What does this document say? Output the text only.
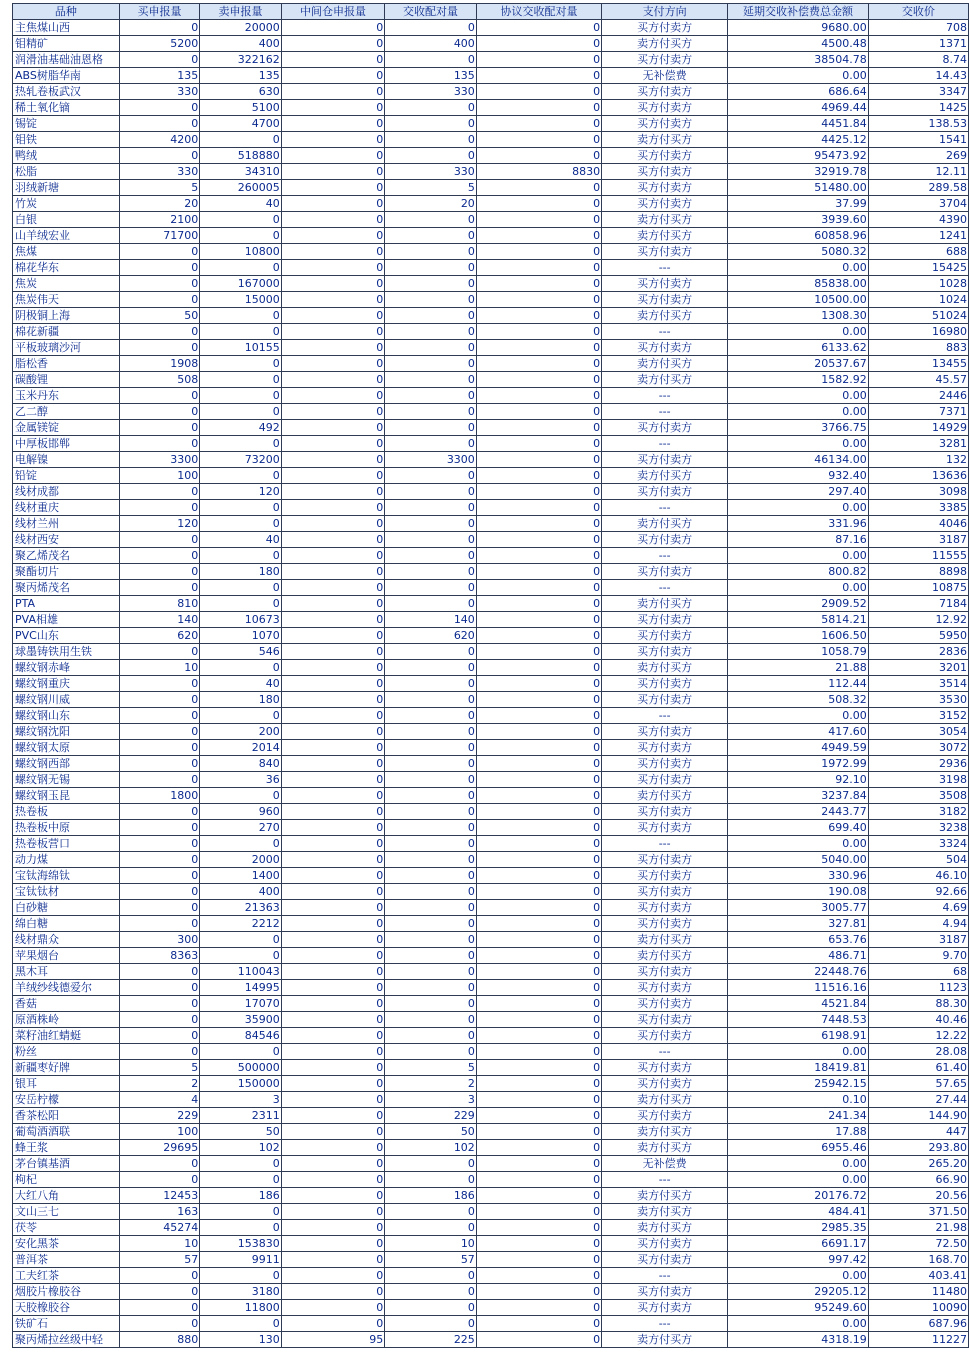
品种	买申报量	卖申报量	中间仓申报量	交收配对量	协议交收配对量	支付方向	延期交收补偿费总金额	交收价
主焦煤山西	0	20000	0	0	0	买方付卖方	9680.00	708
钼精矿	5200	400	0	400	0	卖方付买方	4500.48	1371
润滑油基础油恩格	0	322162	0	0	0	买方付卖方	38504.78	8.74
ABS树脂华南	135	135	0	135	0	无补偿费	0.00	14.43
热轧卷板武汉	330	630	0	330	0	买方付卖方	686.64	3347
稀土氧化镝	0	5100	0	0	0	买方付卖方	4969.44	1425
锡锭	0	4700	0	0	0	买方付卖方	4451.84	138.53
钼铁	4200	0	0	0	0	卖方付买方	4425.12	1541
鸭绒	0	518880	0	0	0	买方付卖方	95473.92	269
松脂	330	34310	0	330	8830	买方付卖方	32919.78	12.11
羽绒新塘	5	260005	0	5	0	买方付卖方	51480.00	289.58
竹炭	20	40	0	20	0	买方付卖方	37.99	3704
白银	2100	0	0	0	0	卖方付买方	3939.60	4390
山羊绒宏业	71700	0	0	0	0	卖方付买方	60858.96	1241
焦煤	0	10800	0	0	0	买方付卖方	5080.32	688
棉花华东	0	0	0	0	0	---	0.00	15425
焦炭	0	167000	0	0	0	买方付卖方	85838.00	1028
焦炭伟天	0	15000	0	0	0	买方付卖方	10500.00	1024
阴极铜上海	50	0	0	0	0	卖方付买方	1308.30	51024
棉花新疆	0	0	0	0	0	---	0.00	16980
平板玻璃沙河	0	10155	0	0	0	买方付卖方	6133.62	883
脂松香	1908	0	0	0	0	卖方付买方	20537.67	13455
碳酸锂	508	0	0	0	0	卖方付买方	1582.92	45.57
玉米丹东	0	0	0	0	0	---	0.00	2446
乙二醇	0	0	0	0	0	---	0.00	7371
金属镁锭	0	492	0	0	0	买方付卖方	3766.75	14929
中厚板邯郸	0	0	0	0	0	---	0.00	3281
电解镍	3300	73200	0	3300	0	买方付卖方	46134.00	132
铅锭	100	0	0	0	0	卖方付买方	932.40	13636
线材成都	0	120	0	0	0	买方付卖方	297.40	3098
线材重庆	0	0	0	0	0	---	0.00	3385
线材兰州	120	0	0	0	0	卖方付买方	331.96	4046
线材西安	0	40	0	0	0	买方付卖方	87.16	3187
聚乙烯茂名	0	0	0	0	0	---	0.00	11555
聚酯切片	0	180	0	0	0	买方付卖方	800.82	8898
聚丙烯茂名	0	0	0	0	0	---	0.00	10875
PTA	810	0	0	0	0	卖方付买方	2909.52	7184
PVA相雄	140	10673	0	140	0	买方付卖方	5814.21	12.92
PVC山东	620	1070	0	620	0	买方付卖方	1606.50	5950
球墨铸铁用生铁	0	546	0	0	0	买方付卖方	1058.79	2836
螺纹钢赤峰	10	0	0	0	0	卖方付买方	21.88	3201
螺纹钢重庆	0	40	0	0	0	买方付卖方	112.44	3514
螺纹钢川威	0	180	0	0	0	买方付卖方	508.32	3530
螺纹钢山东	0	0	0	0	0	---	0.00	3152
螺纹钢沈阳	0	200	0	0	0	买方付卖方	417.60	3054
螺纹钢太原	0	2014	0	0	0	买方付卖方	4949.59	3072
螺纹钢西部	0	840	0	0	0	买方付卖方	1972.99	2936
螺纹钢无锡	0	36	0	0	0	买方付卖方	92.10	3198
螺纹钢玉昆	1800	0	0	0	0	卖方付买方	3237.84	3508
热卷板	0	960	0	0	0	买方付卖方	2443.77	3182
热卷板中原	0	270	0	0	0	买方付卖方	699.40	3238
热卷板营口	0	0	0	0	0	---	0.00	3324
动力煤	0	2000	0	0	0	买方付卖方	5040.00	504
宝钛海绵钛	0	1400	0	0	0	买方付卖方	330.96	46.10
宝钛钛材	0	400	0	0	0	买方付卖方	190.08	92.66
白砂糖	0	21363	0	0	0	买方付卖方	3005.77	4.69
绵白糖	0	2212	0	0	0	买方付卖方	327.81	4.94
线材鼎众	300	0	0	0	0	卖方付买方	653.76	3187
苹果烟台	8363	0	0	0	0	卖方付买方	486.71	9.70
黑木耳	0	110043	0	0	0	买方付卖方	22448.76	68
羊绒纱线德爱尔	0	14995	0	0	0	买方付卖方	11516.16	1123
香菇	0	17070	0	0	0	买方付卖方	4521.84	88.30
原酒株岭	0	35900	0	0	0	买方付卖方	7448.53	40.46
菜籽油红蜻蜓	0	84546	0	0	0	买方付卖方	6198.91	12.22
粉丝	0	0	0	0	0	---	0.00	28.08
新疆枣好牌	5	500000	0	5	0	买方付卖方	18419.81	61.40
银耳	2	150000	0	2	0	买方付卖方	25942.15	57.65
安岳柠檬	4	3	0	3	0	卖方付买方	0.10	27.44
香茶松阳	229	2311	0	229	0	买方付卖方	241.34	144.90
葡萄酒酒联	100	50	0	50	0	卖方付买方	17.88	447
蜂王浆	29695	102	0	102	0	卖方付买方	6955.46	293.80
茅台镇基酒	0	0	0	0	0	无补偿费	0.00	265.20
枸杞	0	0	0	0	0	---	0.00	66.90
大红八角	12453	186	0	186	0	卖方付买方	20176.72	20.56
文山三七	163	0	0	0	0	卖方付买方	484.41	371.50
茯苓	45274	0	0	0	0	卖方付买方	2985.35	21.98
安化黑茶	10	153830	0	10	0	买方付卖方	6691.17	72.50
普洱茶	57	9911	0	57	0	买方付卖方	997.42	168.70
工夫红茶	0	0	0	0	0	---	0.00	403.41
烟胶片橡胶谷	0	3180	0	0	0	买方付卖方	29205.12	11480
天胶橡胶谷	0	11800	0	0	0	买方付卖方	95249.60	10090
铁矿石	0	0	0	0	0	---	0.00	687.96
聚丙烯拉丝级中轻	880	130	95	225	0	卖方付买方	4318.19	11227
